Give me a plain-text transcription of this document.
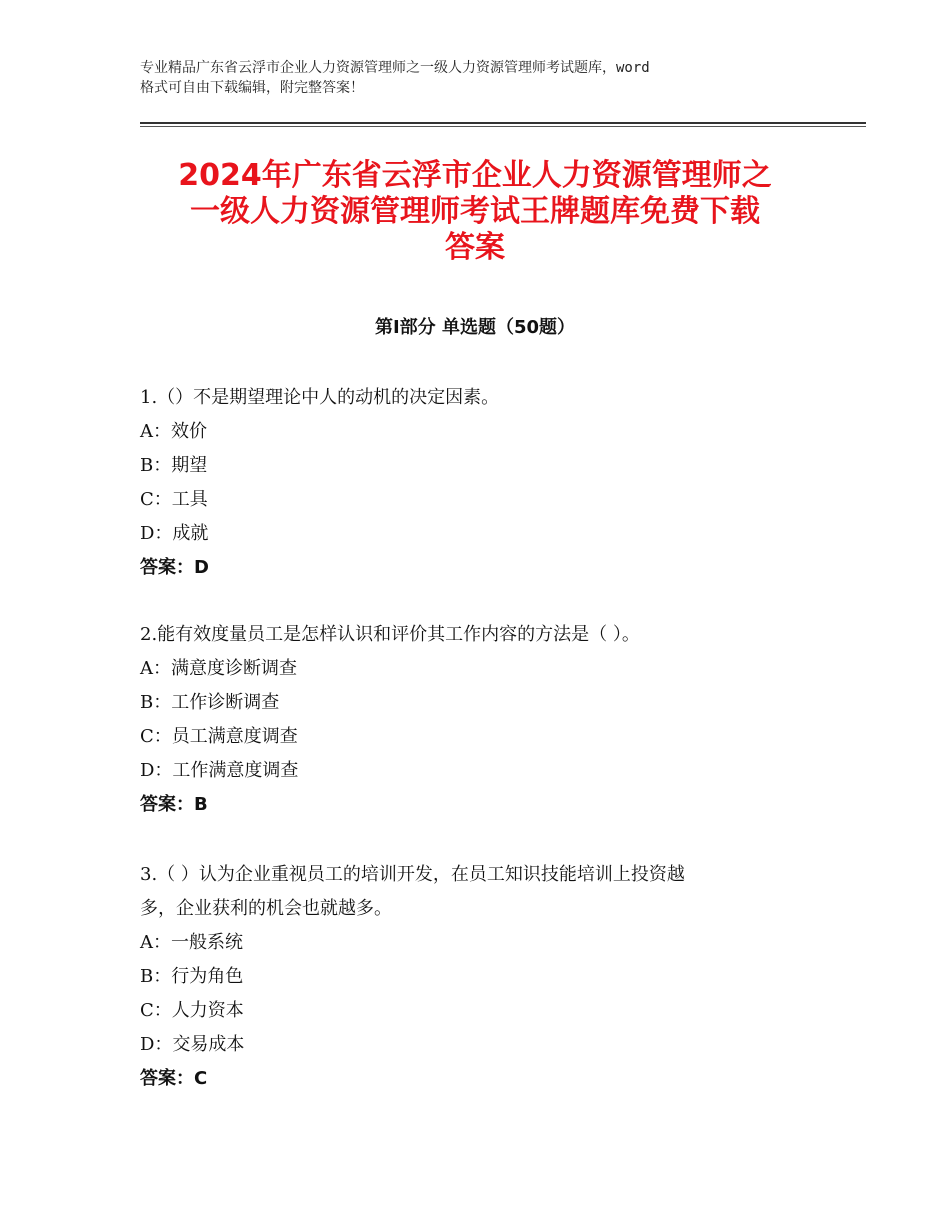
专业精品广东省云浮市企业人力资源管理师之一级人力资源管理师考试题库，word
格式可自由下载编辑，附完整答案！
2024年广东省云浮市企业人力资源管理师之
一级人力资源管理师考试王牌题库免费下载
答案
第Ⅰ部分 单选题（50题）
1.（）不是期望理论中人的动机的决定因素。
A：效价
B：期望
C：工具
D：成就
答案：D
2.能有效度量员工是怎样认识和评价其工作内容的方法是（ ）。
A：满意度诊断调查
B：工作诊断调查
C：员工满意度调查
D：工作满意度调查
答案：B
3.（ ）认为企业重视员工的培训开发，在员工知识技能培训上投资越
多，企业获利的机会也就越多。
A：一般系统
B：行为角色
C：人力资本
D：交易成本
答案：C
